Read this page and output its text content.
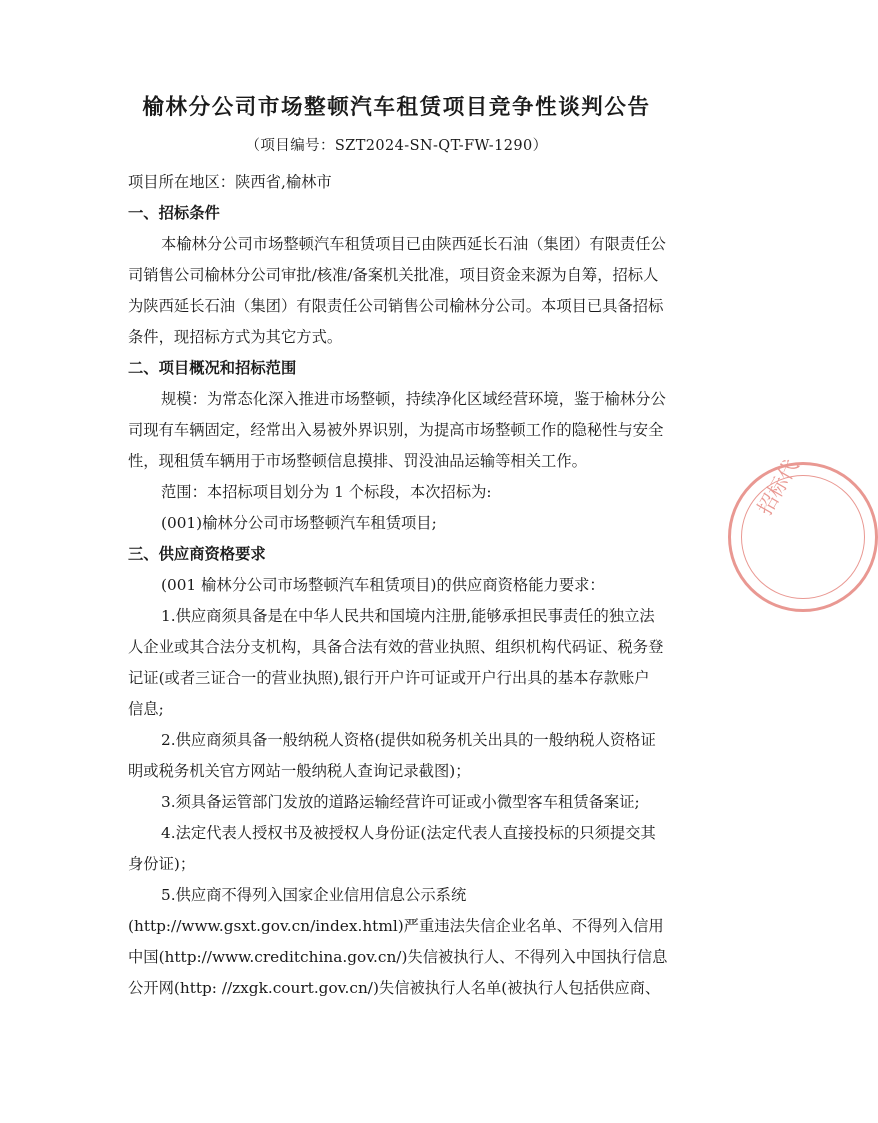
榆林分公司市场整顿汽车租赁项目竞争性谈判公告
（项目编号：SZT2024-SN-QT-FW-1290）
项目所在地区：陕西省,榆林市
一、招标条件
本榆林分公司市场整顿汽车租赁项目已由陕西延长石油（集团）有限责任公
司销售公司榆林分公司审批/核准/备案机关批准，项目资金来源为自筹，招标人
为陕西延长石油（集团）有限责任公司销售公司榆林分公司。本项目已具备招标
条件，现招标方式为其它方式。
二、项目概况和招标范围
规模：为常态化深入推进市场整顿，持续净化区域经营环境，鉴于榆林分公
司现有车辆固定，经常出入易被外界识别，为提高市场整顿工作的隐秘性与安全
性，现租赁车辆用于市场整顿信息摸排、罚没油品运输等相关工作。
范围：本招标项目划分为 1 个标段，本次招标为:
(001)榆林分公司市场整顿汽车租赁项目;
三、供应商资格要求
(001 榆林分公司市场整顿汽车租赁项目)的供应商资格能力要求：
1.供应商须具备是在中华人民共和国境内注册,能够承担民事责任的独立法
人企业或其合法分支机构，具备合法有效的营业执照、组织机构代码证、税务登
记证(或者三证合一的营业执照),银行开户许可证或开户行出具的基本存款账户
信息;
2.供应商须具备一般纳税人资格(提供如税务机关出具的一般纳税人资格证
明或税务机关官方网站一般纳税人查询记录截图)；
3.须具备运管部门发放的道路运输经营许可证或小微型客车租赁备案证;
4.法定代表人授权书及被授权人身份证(法定代表人直接投标的只须提交其
身份证)；
5.供应商不得列入国家企业信用信息公示系统
(http://www.gsxt.gov.cn/index.html)严重违法失信企业名单、不得列入信用
中国(http://www.creditchina.gov.cn/)失信被执行人、不得列入中国执行信息
公开网(http: //zxgk.court.gov.cn/)失信被执行人名单(被执行人包括供应商、
招标代
